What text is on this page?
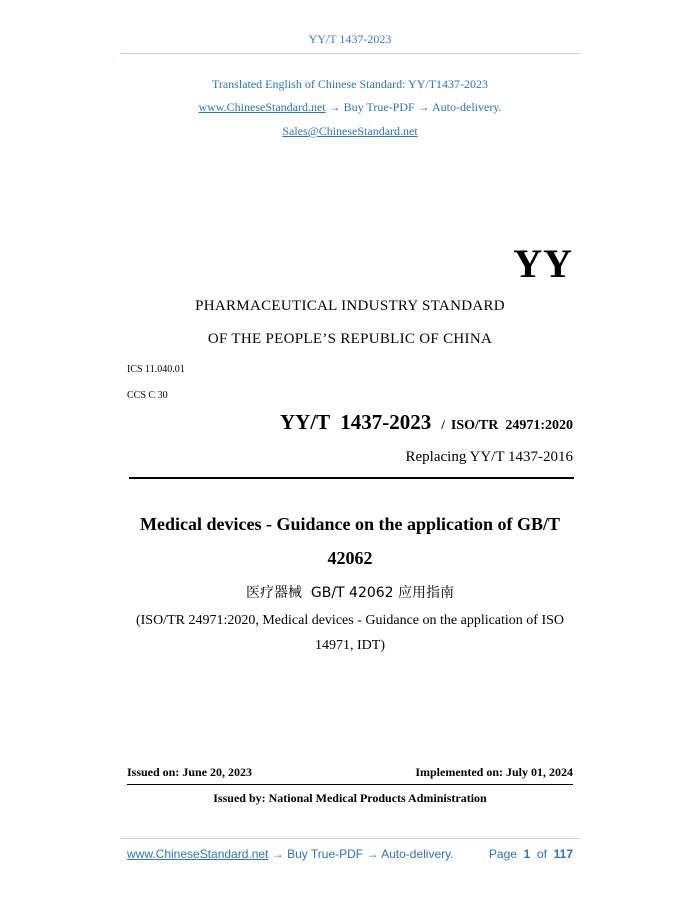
YY/T 1437-2023
Translated English of Chinese Standard: YY/T1437-2023
www.ChineseStandard.net → Buy True-PDF → Auto-delivery.
Sales@ChineseStandard.net
YY
PHARMACEUTICAL INDUSTRY STANDARD
OF THE PEOPLE’S REPUBLIC OF CHINA
ICS 11.040.01
CCS C 30
YY/T  1437-2023 / ISO/TR  24971:2020
Replacing YY/T 1437-2016
Medical devices - Guidance on the application of GB/T
42062
医疗器械  GB/T 42062 应用指南
(ISO/TR 24971:2020, Medical devices - Guidance on the application of ISO
14971, IDT)
Issued on: June 20, 2023	Implemented on: July 01, 2024
Issued by: National Medical Products Administration
www.ChineseStandard.net → Buy True-PDF → Auto-delivery.	Page 1 of 117
